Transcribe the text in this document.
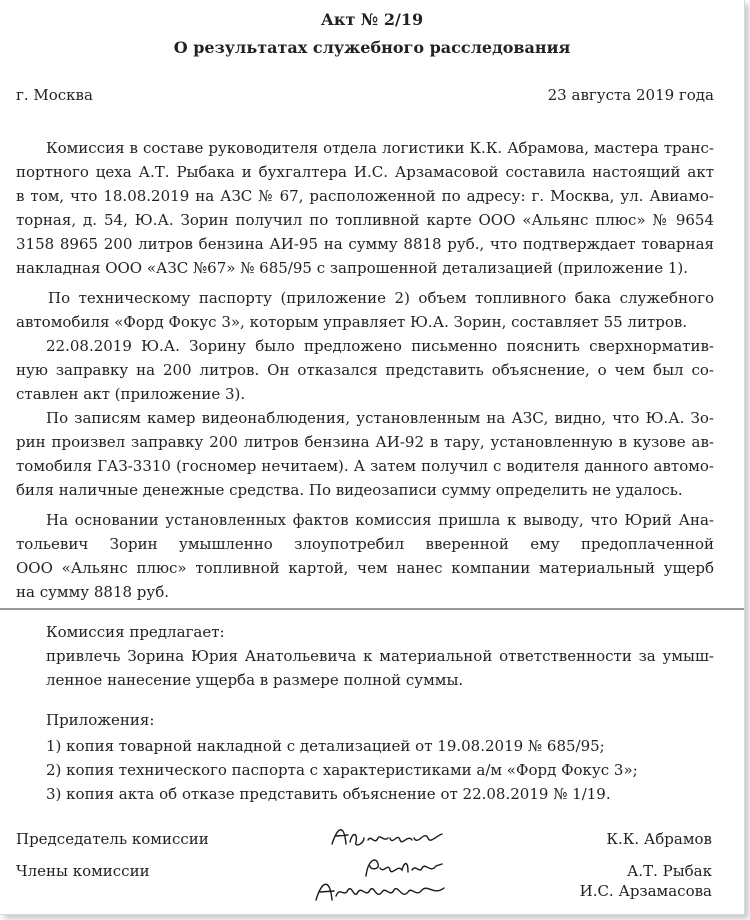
Акт № 2/19
О результатах служебного расследования
г. Москва	23 августа 2019 года
Комиссия в составе руководителя отдела логистики К.К. Абрамова, мастера транс-
портного цеха А.Т. Рыбака и бухгалтера И.С. Арзамасовой составила настоящий акт
в том, что 18.08.2019 на АЗС № 67, расположенной по адресу: г. Москва, ул. Авиамо-
торная, д. 54, Ю.А. Зорин получил по топливной карте ООО «Альянс плюс» № 9654
3158 8965 200 литров бензина АИ-95 на сумму 8818 руб., что подтверждает товарная
накладная ООО «АЗС №67» № 685/95 с запрошенной детализацией (приложение 1).
По техническому паспорту (приложение 2) объем топливного бака служебного
автомобиля «Форд Фокус 3», которым управляет Ю.А. Зорин, составляет 55 литров.
22.08.2019 Ю.А. Зорину было предложено письменно пояснить сверхнорматив-
ную заправку на 200 литров. Он отказался представить объяснение, о чем был со-
ставлен акт (приложение 3).
По записям камер видеонаблюдения, установленным на АЗС, видно, что Ю.А. Зо-
рин произвел заправку 200 литров бензина АИ-92 в тару, установленную в кузове ав-
томобиля ГАЗ-3310 (госномер нечитаем). А затем получил с водителя данного автомо-
биля наличные денежные средства. По видеозаписи сумму определить не удалось.
На основании установленных фактов комиссия пришла к выводу, что Юрий Ана-
тольевич Зорин умышленно злоупотребил вверенной ему предоплаченной
ООО «Альянс плюс» топливной картой, чем нанес компании материальный ущерб
на сумму 8818 руб.
Комиссия предлагает:
привлечь Зорина Юрия Анатольевича к материальной ответственности за умыш-
ленное нанесение ущерба в размере полной суммы.
Приложения:
1) копия товарной накладной с детализацией от 19.08.2019 № 685/95;
2) копия технического паспорта с характеристиками а/м «Форд Фокус 3»;
3) копия акта об отказе представить объяснение от 22.08.2019 № 1/19.
Председатель комиссии	К.К. Абрамов
Члены комиссии	А.Т. Рыбак
И.С. Арзамасова
